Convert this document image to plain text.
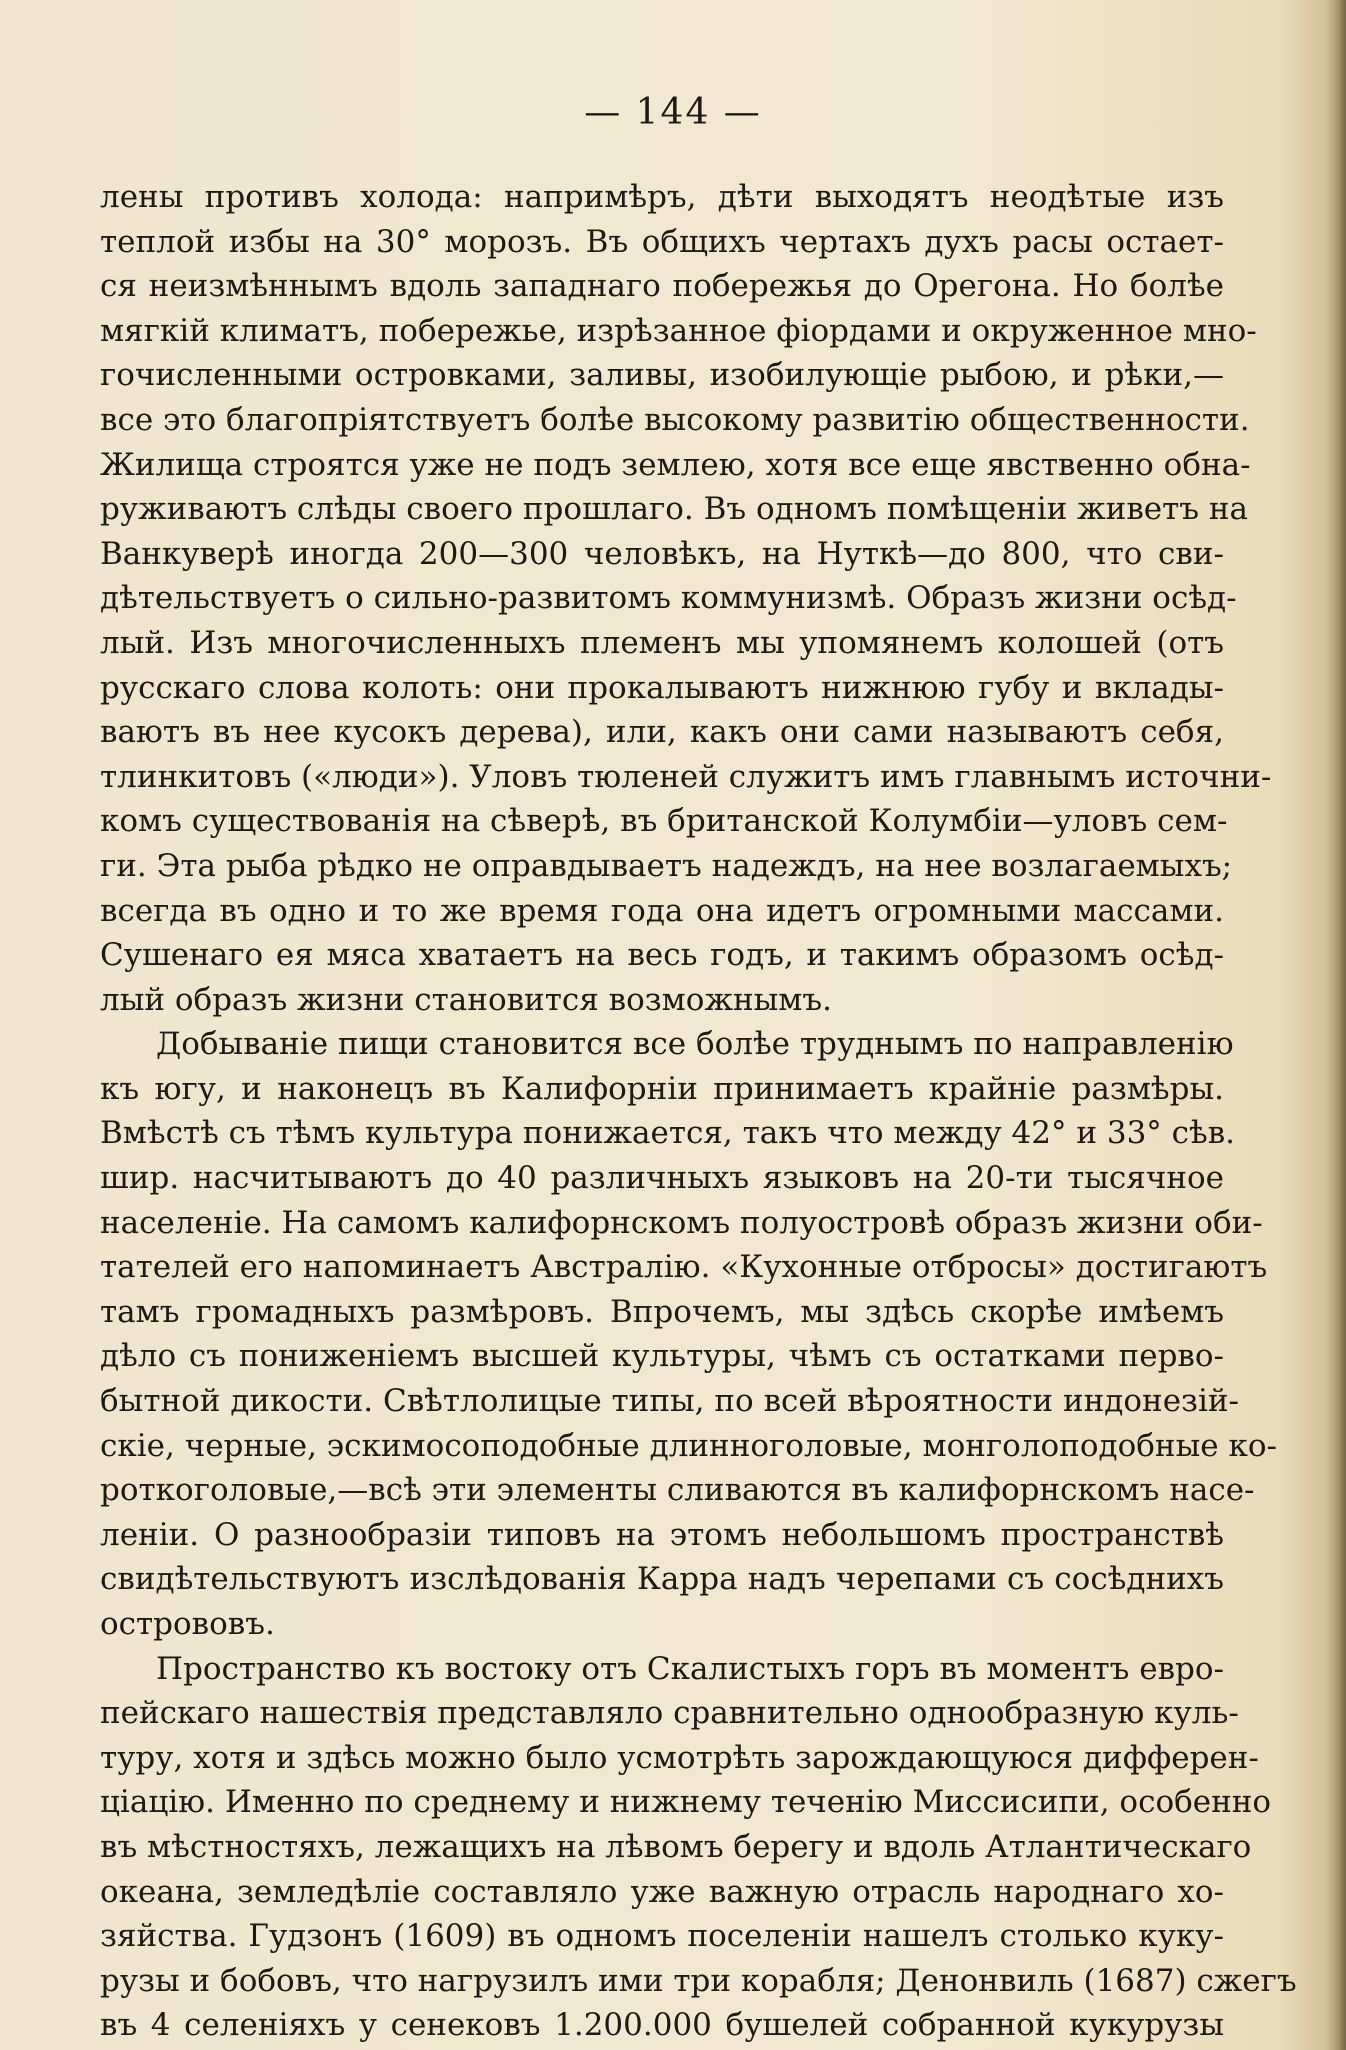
— 144 —
лены противъ холода: напримѣръ, дѣти выходятъ неодѣтые изъ
теплой избы на 30° морозъ. Въ общихъ чертахъ духъ расы остает-
ся неизмѣннымъ вдоль западнаго побережья до Орегона. Но болѣе
мягкій климатъ, побережье, изрѣзанное фіордами и окруженное мно-
гочисленными островками, заливы, изобилующіе рыбою, и рѣки,—
все это благопріятствуетъ болѣе высокому развитію общественности.
Жилища строятся уже не подъ землею, хотя все еще явственно обна-
руживаютъ слѣды своего прошлаго. Въ одномъ помѣщеніи живетъ на
Ванкуверѣ иногда 200—300 человѣкъ, на Нуткѣ—до 800, что сви-
дѣтельствуетъ о сильно-развитомъ коммунизмѣ. Образъ жизни осѣд-
лый. Изъ многочисленныхъ племенъ мы упомянемъ колошей (отъ
русскаго слова колоть: они прокалываютъ нижнюю губу и вклады-
ваютъ въ нее кусокъ дерева), или, какъ они сами называютъ себя,
тлинкитовъ («люди»). Уловъ тюленей служитъ имъ главнымъ источни-
комъ существованія на сѣверѣ, въ британской Колумбіи—уловъ сем-
ги. Эта рыба рѣдко не оправдываетъ надеждъ, на нее возлагаемыхъ;
всегда въ одно и то же время года она идетъ огромными массами.
Сушенаго ея мяса хватаетъ на весь годъ, и такимъ образомъ осѣд-
лый образъ жизни становится возможнымъ.
Добываніе пищи становится все болѣе труднымъ по направленію
къ югу, и наконецъ въ Калифорніи принимаетъ крайніе размѣры.
Вмѣстѣ съ тѣмъ культура понижается, такъ что между 42° и 33° сѣв.
шир. насчитываютъ до 40 различныхъ языковъ на 20-ти тысячное
населеніе. На самомъ калифорнскомъ полуостровѣ образъ жизни оби-
тателей его напоминаетъ Австралію. «Кухонные отбросы» достигаютъ
тамъ громадныхъ размѣровъ. Впрочемъ, мы здѣсь скорѣе имѣемъ
дѣло съ пониженіемъ высшей культуры, чѣмъ съ остатками перво-
бытной дикости. Свѣтлолицые типы, по всей вѣроятности индонезій-
скіе, черные, эскимосоподобные длинноголовые, монголоподобные ко-
роткоголовые,—всѣ эти элементы сливаются въ калифорнскомъ насе-
леніи. О разнообразіи типовъ на этомъ небольшомъ пространствѣ
свидѣтельствуютъ изслѣдованія Карра надъ черепами съ сосѣднихъ
острововъ.
Пространство къ востоку отъ Скалистыхъ горъ въ моментъ евро-
пейскаго нашествія представляло сравнительно однообразную куль-
туру, хотя и здѣсь можно было усмотрѣть зарождающуюся дифферен-
ціацію. Именно по среднему и нижнему теченію Миссисипи, особенно
въ мѣстностяхъ, лежащихъ на лѣвомъ берегу и вдоль Атлантическаго
океана, земледѣліе составляло уже важную отрасль народнаго хо-
зяйства. Гудзонъ (1609) въ одномъ поселеніи нашелъ столько куку-
рузы и бобовъ, что нагрузилъ ими три корабля; Денонвиль (1687) сжегъ
въ 4 селеніяхъ у сенековъ 1.200.000 бушелей собранной кукурузы
